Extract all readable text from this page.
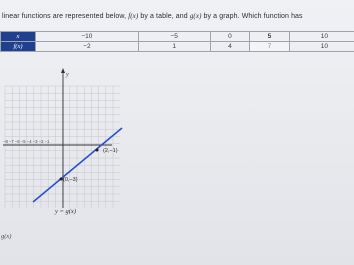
linear functions are represented below, f(x) by a table, and g(x) by a graph. Which function has
x	−10	−5	0	5	10
f(x)	−2	1	4	7	10
y
−8 −7 −6 −5 −4 −3 −2 −1
(2,−1)
(0,−3)
y = g(x)
g(x)
